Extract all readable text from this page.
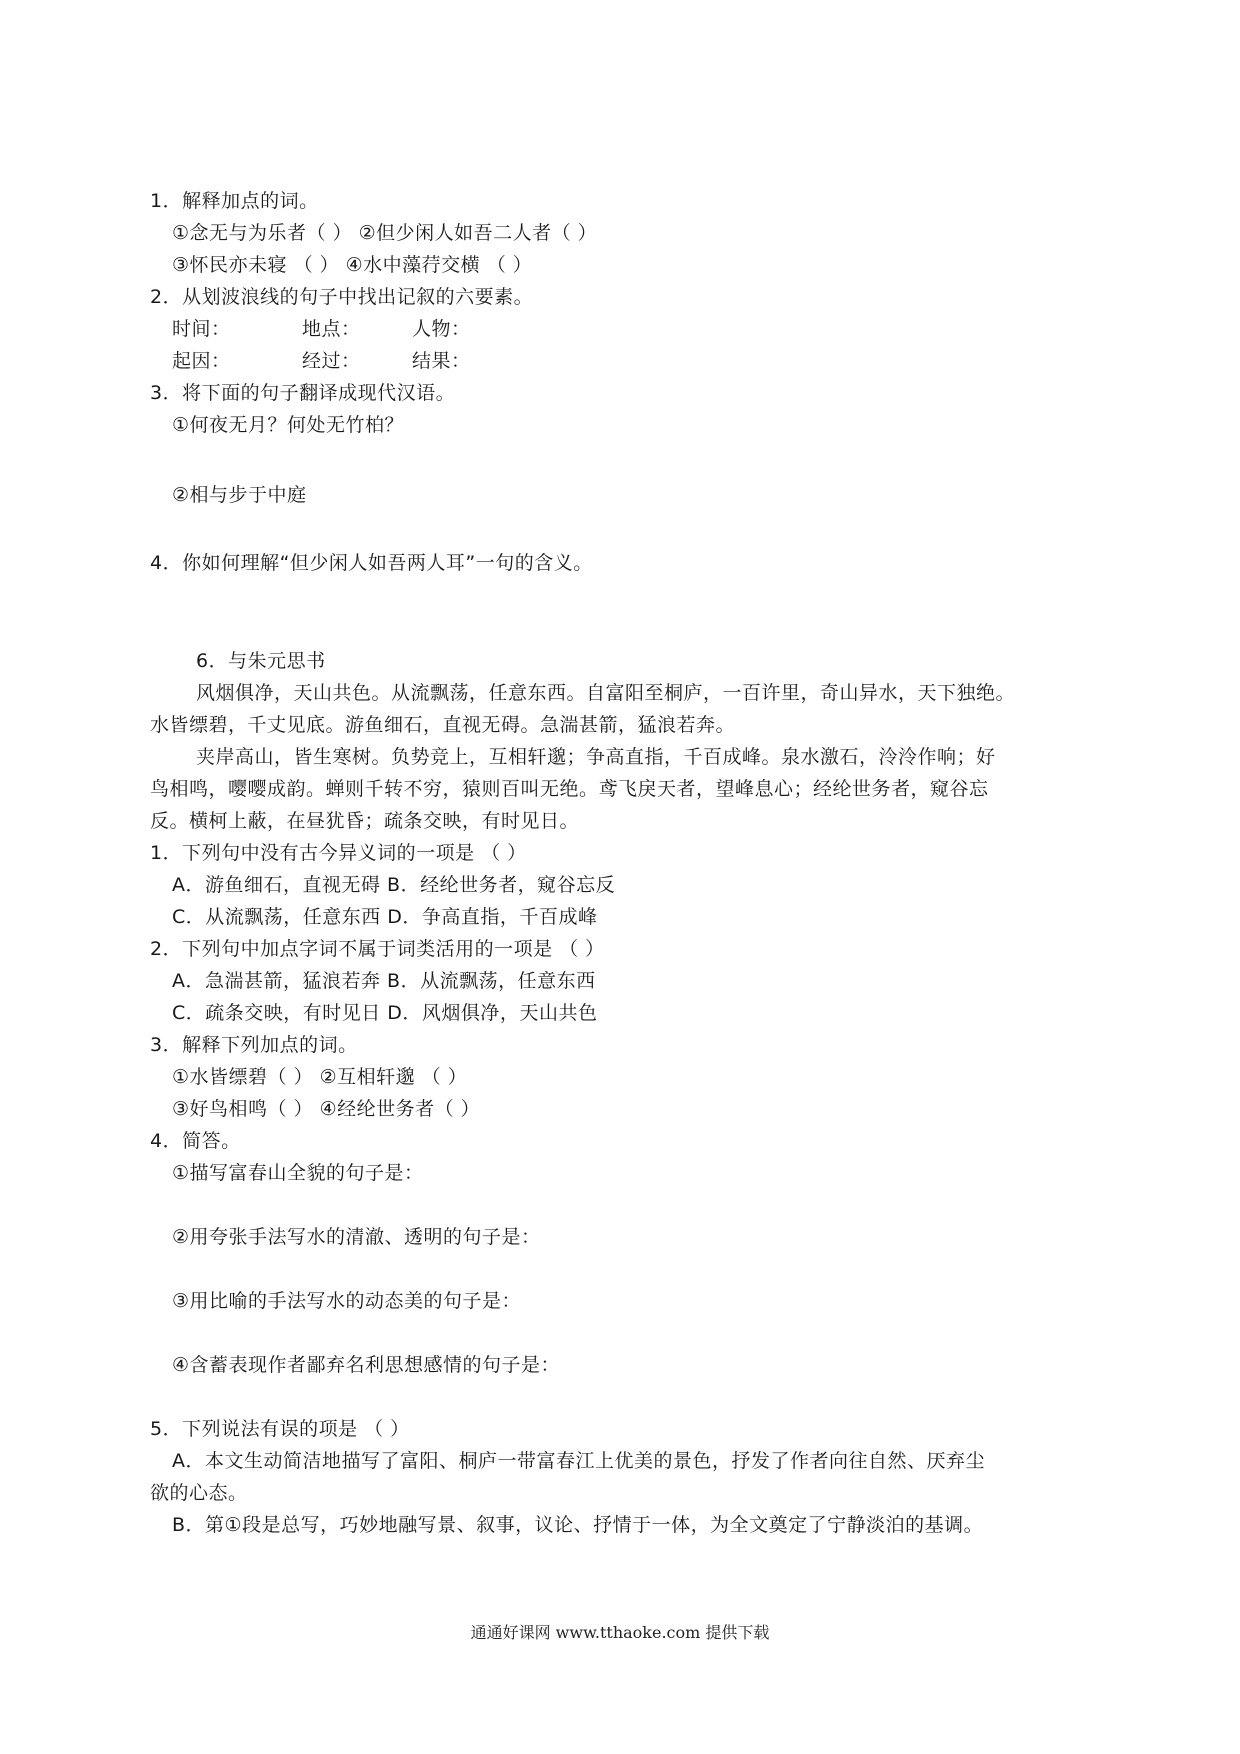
1．解释加点的词。
①念无与为乐者（ ） ②但少闲人如吾二人者（ ）
③怀民亦未寝 （ ） ④水中藻荇交横 （ ）
2．从划波浪线的句子中找出记叙的六要素。
时间：	地点：	人物：
起因：	经过：	结果：
3．将下面的句子翻译成现代汉语。
①何夜无月？何处无竹柏？
②相与步于中庭
4．你如何理解“但少闲人如吾两人耳”一句的含义。
6．与朱元思书
风烟俱净，天山共色。从流飘荡，任意东西。自富阳至桐庐，一百许里，奇山异水，天下独绝。
水皆缥碧，千丈见底。游鱼细石，直视无碍。急湍甚箭，猛浪若奔。
夹岸高山，皆生寒树。负势竞上，互相轩邈；争高直指，千百成峰。泉水激石，泠泠作响；好
鸟相鸣，嘤嘤成韵。蝉则千转不穷，猿则百叫无绝。鸢飞戾天者，望峰息心；经纶世务者，窥谷忘
反。横柯上蔽，在昼犹昏；疏条交映，有时见日。
1．下列句中没有古今异义词的一项是 （ ）
A．游鱼细石，直视无碍 B．经纶世务者，窥谷忘反
C．从流飘荡，任意东西 D．争高直指，千百成峰
2．下列句中加点字词不属于词类活用的一项是 （ ）
A．急湍甚箭，猛浪若奔 B．从流飘荡，任意东西
C．疏条交映，有时见日 D．风烟俱净，天山共色
3．解释下列加点的词。
①水皆缥碧（ ） ②互相轩邈 （ ）
③好鸟相鸣（ ） ④经纶世务者（ ）
4．简答。
①描写富春山全貌的句子是：
②用夸张手法写水的清澈、透明的句子是：
③用比喻的手法写水的动态美的句子是：
④含蓄表现作者鄙弃名利思想感情的句子是：
5．下列说法有误的项是 （ ）
A．本文生动简洁地描写了富阳、桐庐一带富春江上优美的景色，抒发了作者向往自然、厌弃尘
欲的心态。
B．第①段是总写，巧妙地融写景、叙事，议论、抒情于一体，为全文奠定了宁静淡泊的基调。
通通好课网 www.tthaoke.com 提供下载
